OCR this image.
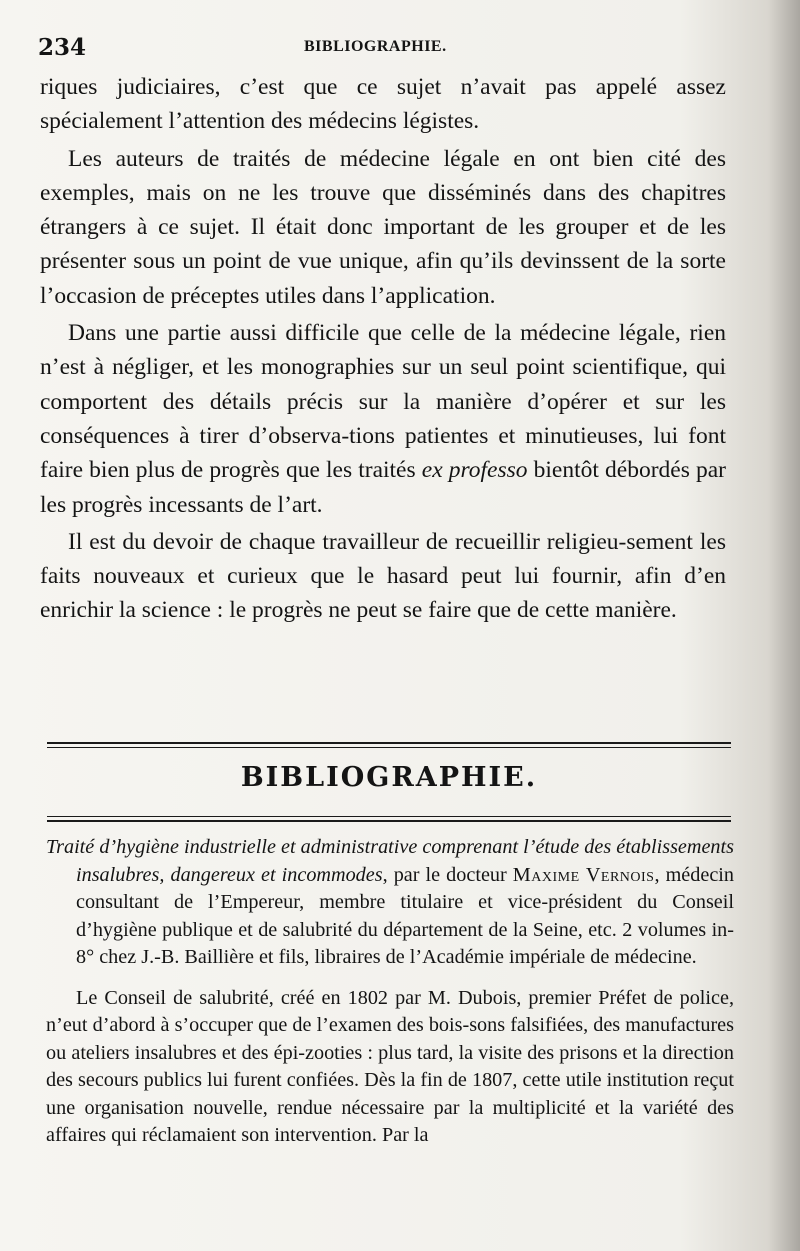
234	BIBLIOGRAPHIE.

riques judiciaires, c’est que ce sujet n’avait pas appelé assez spécialement l’attention des médecins légistes.

Les auteurs de traités de médecine légale en ont bien cité des exemples, mais on ne les trouve que disséminés dans des chapitres étrangers à ce sujet. Il était donc important de les grouper et de les présenter sous un point de vue unique, afin qu’ils devinssent de la sorte l’occasion de préceptes utiles dans l’application.

Dans une partie aussi difficile que celle de la médecine légale, rien n’est à négliger, et les monographies sur un seul point scientifique, qui comportent des détails précis sur la manière d’opérer et sur les conséquences à tirer d’observa-tions patientes et minutieuses, lui font faire bien plus de progrès que les traités ex professo bientôt débordés par les progrès incessants de l’art.

Il est du devoir de chaque travailleur de recueillir religieu-sement les faits nouveaux et curieux que le hasard peut lui fournir, afin d’en enrichir la science : le progrès ne peut se faire que de cette manière.

BIBLIOGRAPHIE.

Traité d’hygiène industrielle et administrative comprenant l’étude des établissements insalubres, dangereux et incommodes, par le docteur Maxime Vernois, médecin consultant de l’Empereur, membre titulaire et vice-président du Conseil d’hygiène publique et de salubrité du département de la Seine, etc. 2 volumes in-8° chez J.-B. Baillière et fils, libraires de l’Académie impériale de médecine.

Le Conseil de salubrité, créé en 1802 par M. Dubois, premier Préfet de police, n’eut d’abord à s’occuper que de l’examen des bois-sons falsifiées, des manufactures ou ateliers insalubres et des épi-zooties : plus tard, la visite des prisons et la direction des secours publics lui furent confiées. Dès la fin de 1807, cette utile institution reçut une organisation nouvelle, rendue nécessaire par la multiplicité et la variété des affaires qui réclamaient son intervention. Par la
